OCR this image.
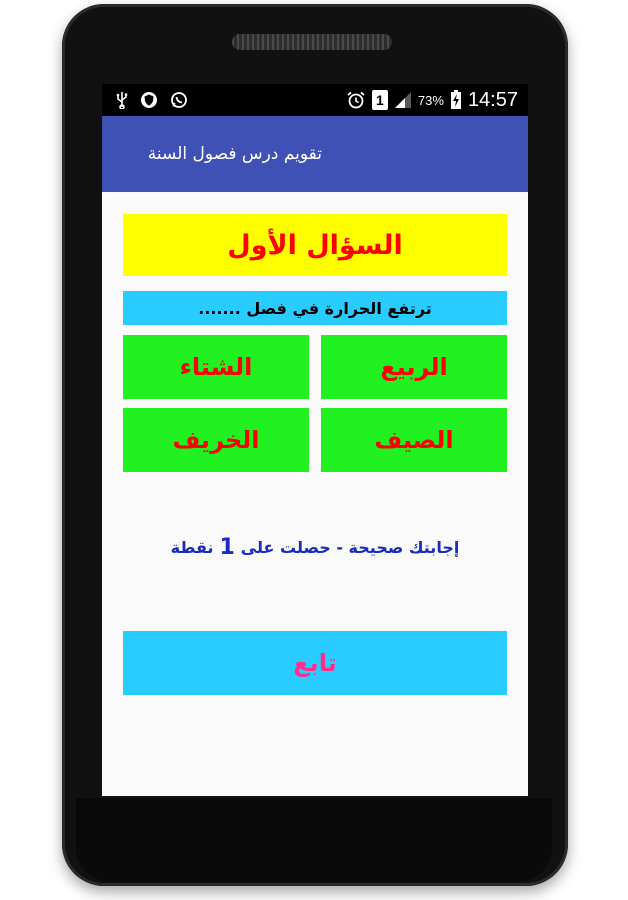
1	73% 14:57
تقويم درس فصول السنة
السؤال الأول
ترتفع الحرارة في فصل .......
الربيع
الشتاء
الصيف
الخريف
إجابتك صحيحة - حصلت على
1
نقطة
تابع
